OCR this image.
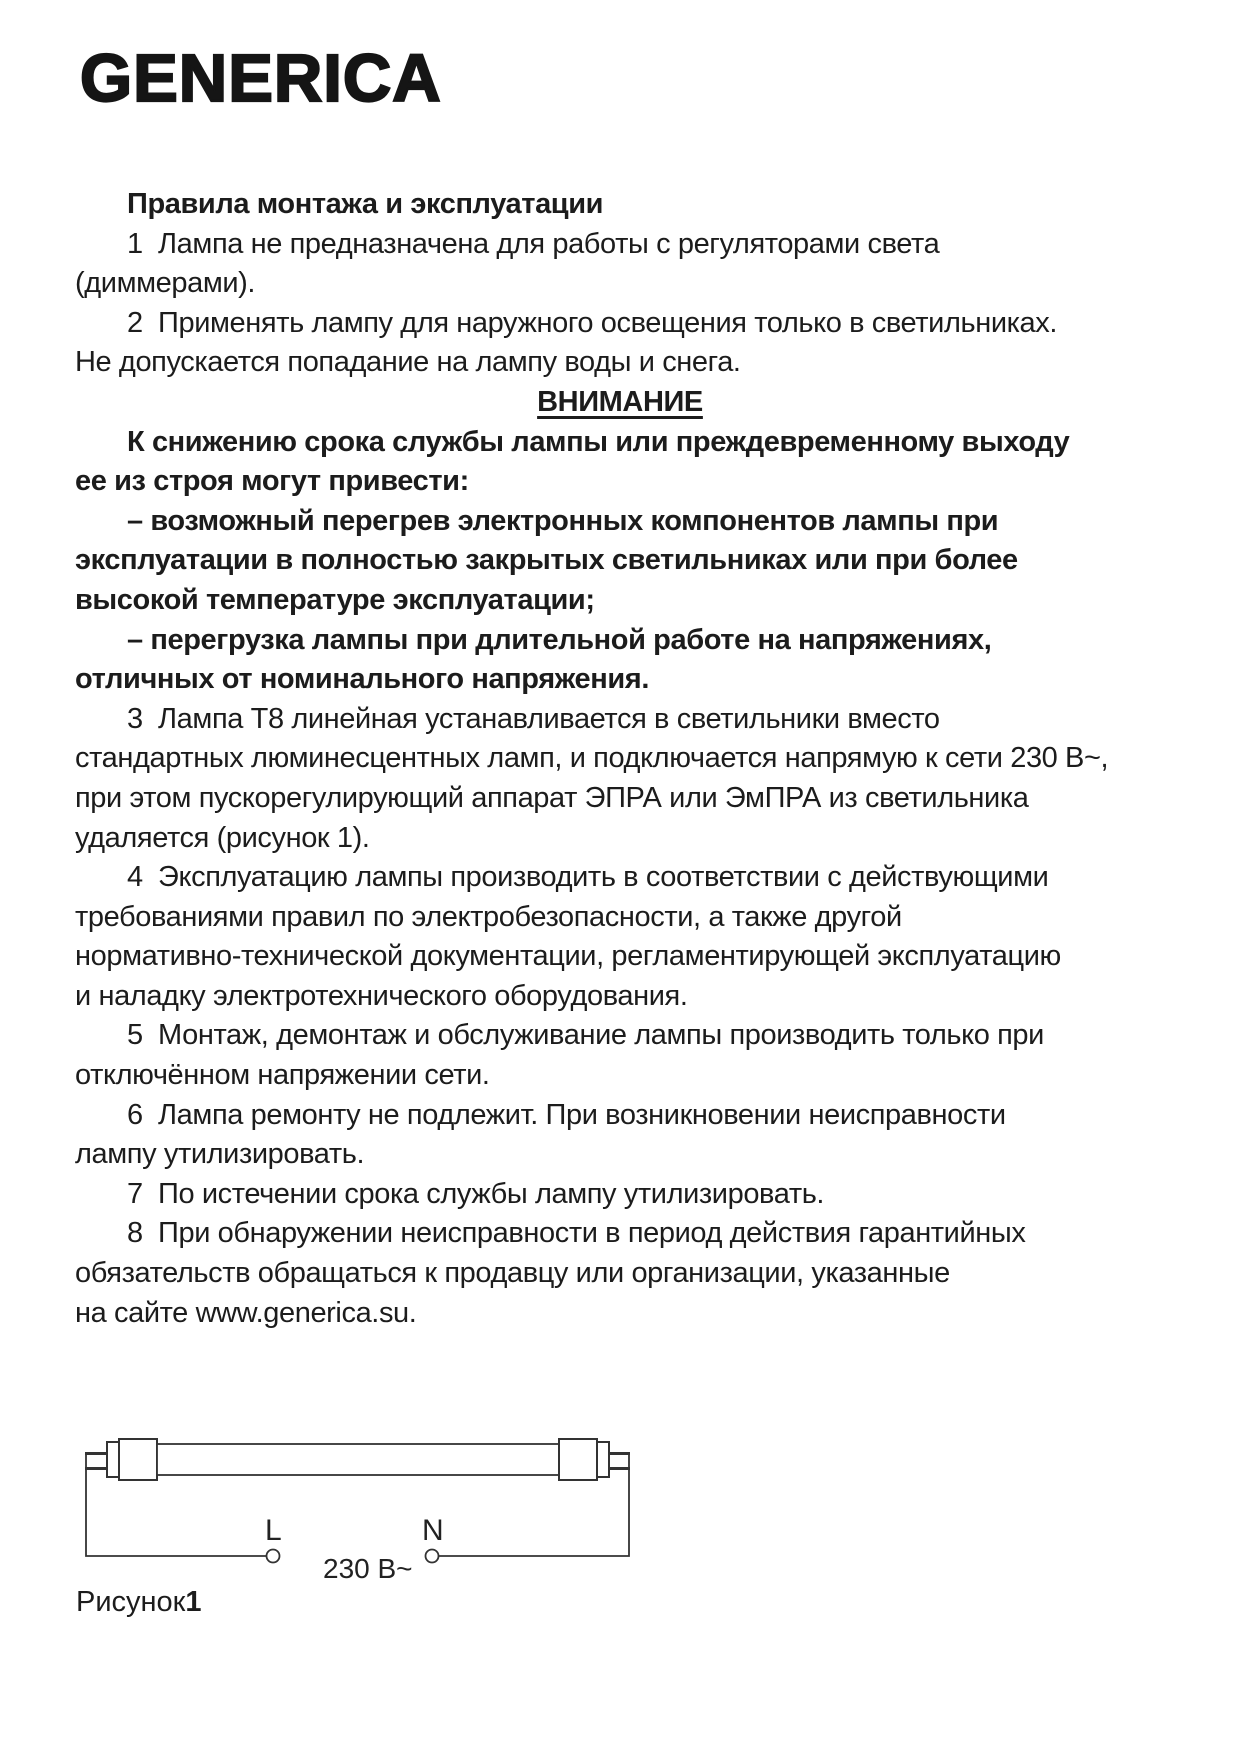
GENERICA
Правила монтажа и эксплуатации
1  Лампа не предназначена для работы с регуляторами света
(диммерами).
2  Применять лампу для наружного освещения только в светильниках.
Не допускается попадание на лампу воды и снега.
ВНИМАНИЕ
К снижению срока службы лампы или преждевременному выходу
ее из строя могут привести:
– возможный перегрев электронных компонентов лампы при
эксплуатации в полностью закрытых светильниках или при более
высокой температуре эксплуатации;
– перегрузка лампы при длительной работе на напряжениях,
отличных от номинального напряжения.
3  Лампа Т8 линейная устанавливается в светильники вместо
стандартных люминесцентных ламп, и подключается напрямую к сети 230 В~,
при этом пускорегулирующий аппарат ЭПРА или ЭмПРА из светильника
удаляется (рисунок 1).
4  Эксплуатацию лампы производить в соответствии с действующими
требованиями правил по электробезопасности, а также другой
нормативно-технической документации, регламентирующей эксплуатацию
и наладку электротехнического оборудования.
5  Монтаж, демонтаж и обслуживание лампы производить только при
отключённом напряжении сети.
6  Лампа ремонту не подлежит. При возникновении неисправности
лампу утилизировать.
7  По истечении срока службы лампу утилизировать.
8  При обнаружении неисправности в период действия гарантийных
обязательств обращаться к продавцу или организации, указанные
на сайте www.generica.su.
L	N
230 В~
Рисунок1
